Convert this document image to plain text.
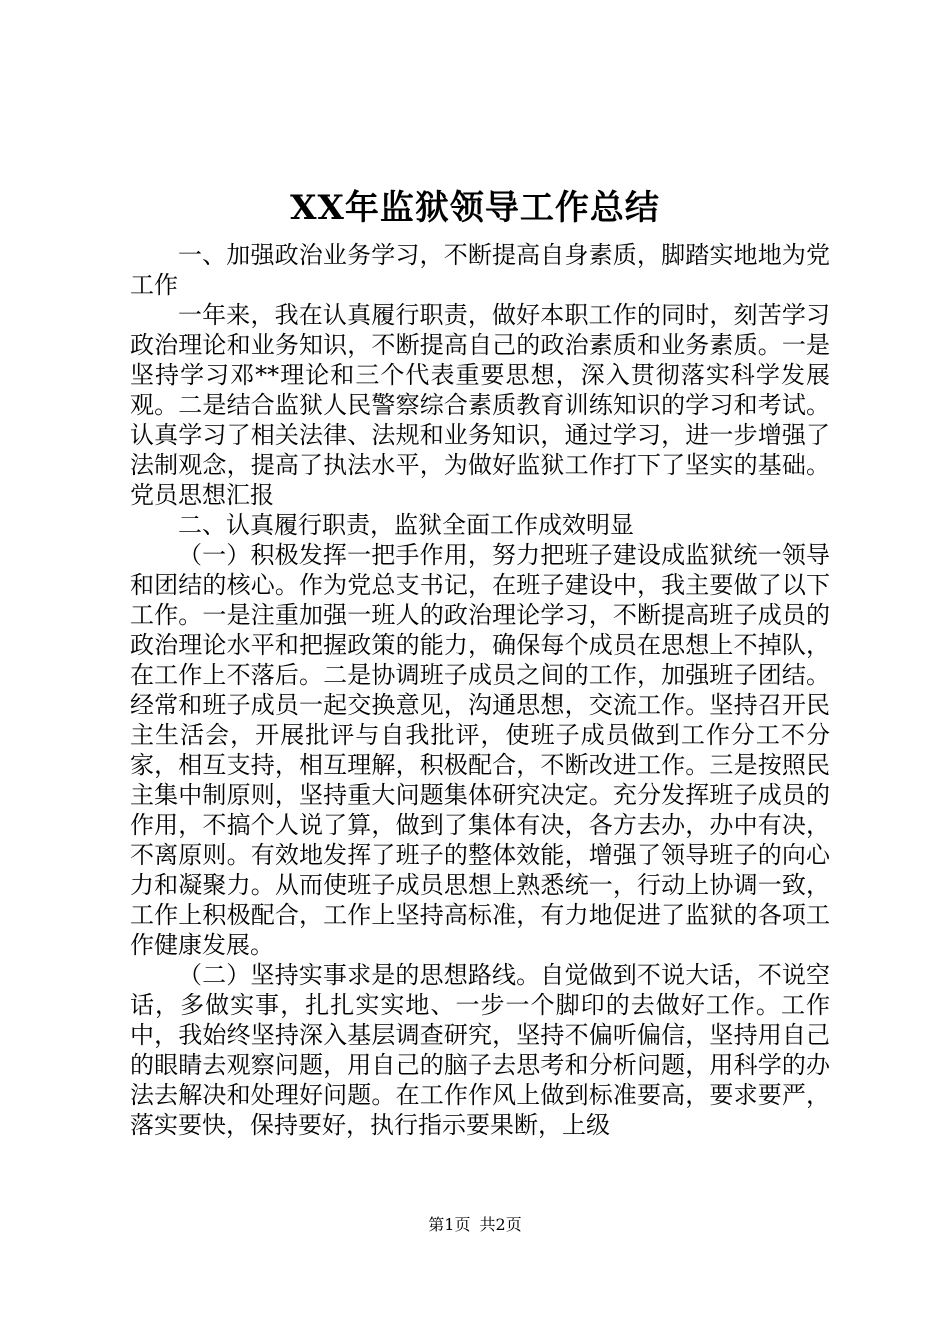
XX年监狱领导工作总结

一、加强政治业务学习，不断提高自身素质，脚踏实地地为党工作

一年来，我在认真履行职责，做好本职工作的同时，刻苦学习政治理论和业务知识，不断提高自己的政治素质和业务素质。一是坚持学习邓**理论和三个代表重要思想，深入贯彻落实科学发展观。二是结合监狱人民警察综合素质教育训练知识的学习和考试。认真学习了相关法律、法规和业务知识，通过学习，进一步增强了法制观念，提高了执法水平，为做好监狱工作打下了坚实的基础。党员思想汇报

二、认真履行职责，监狱全面工作成效明显

（一）积极发挥一把手作用，努力把班子建设成监狱统一领导和团结的核心。作为党总支书记，在班子建设中，我主要做了以下工作。一是注重加强一班人的政治理论学习，不断提高班子成员的政治理论水平和把握政策的能力，确保每个成员在思想上不掉队，在工作上不落后。二是协调班子成员之间的工作，加强班子团结。经常和班子成员一起交换意见，沟通思想，交流工作。坚持召开民主生活会，开展批评与自我批评，使班子成员做到工作分工不分家，相互支持，相互理解，积极配合，不断改进工作。三是按照民主集中制原则，坚持重大问题集体研究决定。充分发挥班子成员的作用，不搞个人说了算，做到了集体有决，各方去办，办中有决，不离原则。有效地发挥了班子的整体效能，增强了领导班子的向心力和凝聚力。从而使班子成员思想上熟悉统一，行动上协调一致，工作上积极配合，工作上坚持高标准，有力地促进了监狱的各项工作健康发展。

（二）坚持实事求是的思想路线。自觉做到不说大话，不说空话，多做实事，扎扎实实地、一步一个脚印的去做好工作。工作中，我始终坚持深入基层调查研究，坚持不偏听偏信，坚持用自己的眼睛去观察问题，用自己的脑子去思考和分析问题，用科学的办法去解决和处理好问题。在工作作风上做到标准要高，要求要严，落实要快，保持要好，执行指示要果断，上级

第1页 共2页
